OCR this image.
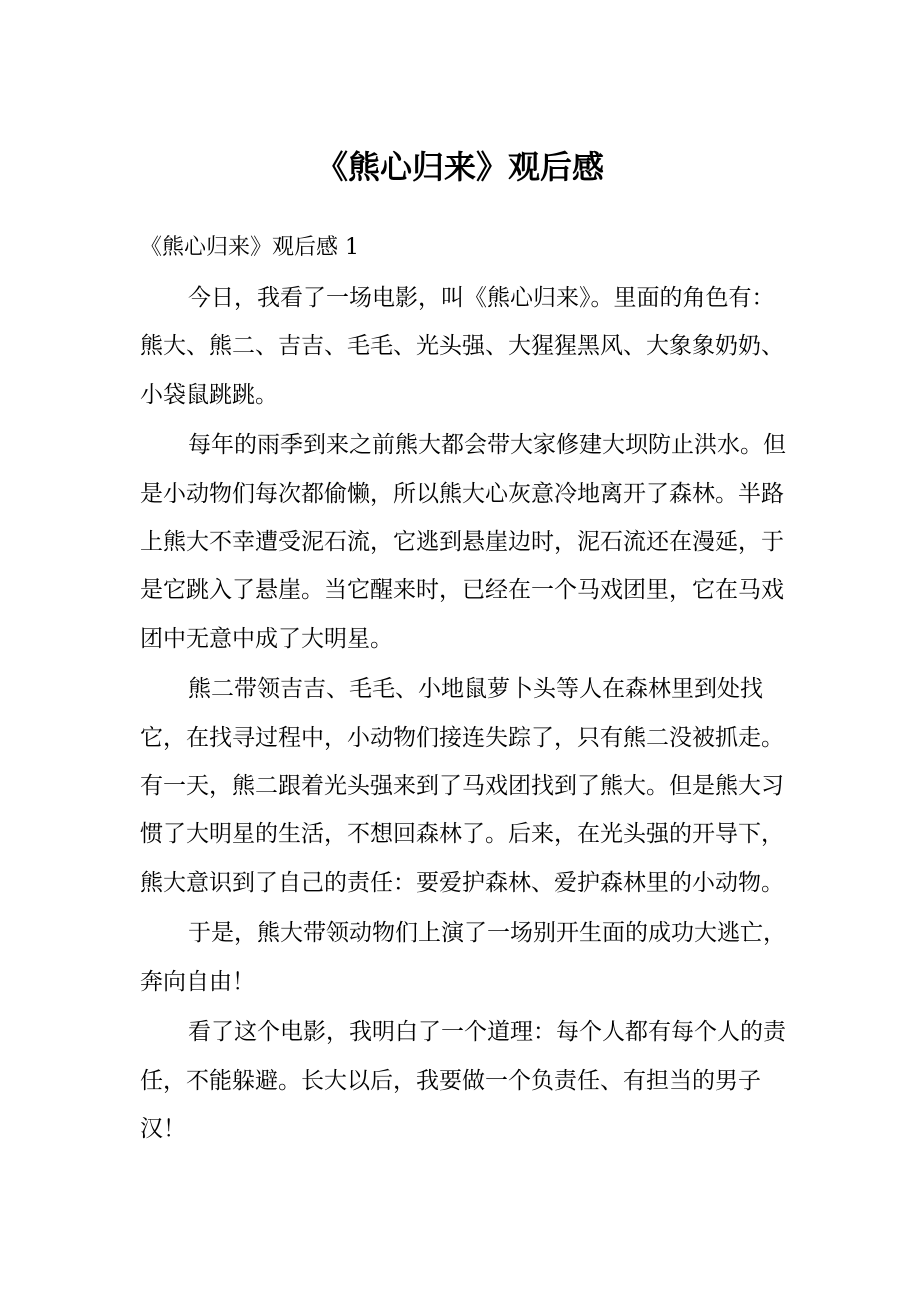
《熊心归来》观后感

《熊心归来》观后感 1

今日，我看了一场电影，叫《熊心归来》。里面的角色有：熊大、熊二、吉吉、毛毛、光头强、大猩猩黑风、大象象奶奶、小袋鼠跳跳。

每年的雨季到来之前熊大都会带大家修建大坝防止洪水。但是小动物们每次都偷懒，所以熊大心灰意冷地离开了森林。半路上熊大不幸遭受泥石流，它逃到悬崖边时，泥石流还在漫延，于是它跳入了悬崖。当它醒来时，已经在一个马戏团里，它在马戏团中无意中成了大明星。

熊二带领吉吉、毛毛、小地鼠萝卜头等人在森林里到处找它，在找寻过程中，小动物们接连失踪了，只有熊二没被抓走。有一天，熊二跟着光头强来到了马戏团找到了熊大。但是熊大习惯了大明星的生活，不想回森林了。后来，在光头强的开导下，熊大意识到了自己的责任：要爱护森林、爱护森林里的小动物。

于是，熊大带领动物们上演了一场别开生面的成功大逃亡，奔向自由！

看了这个电影，我明白了一个道理：每个人都有每个人的责任，不能躲避。长大以后，我要做一个负责任、有担当的男子汉！
